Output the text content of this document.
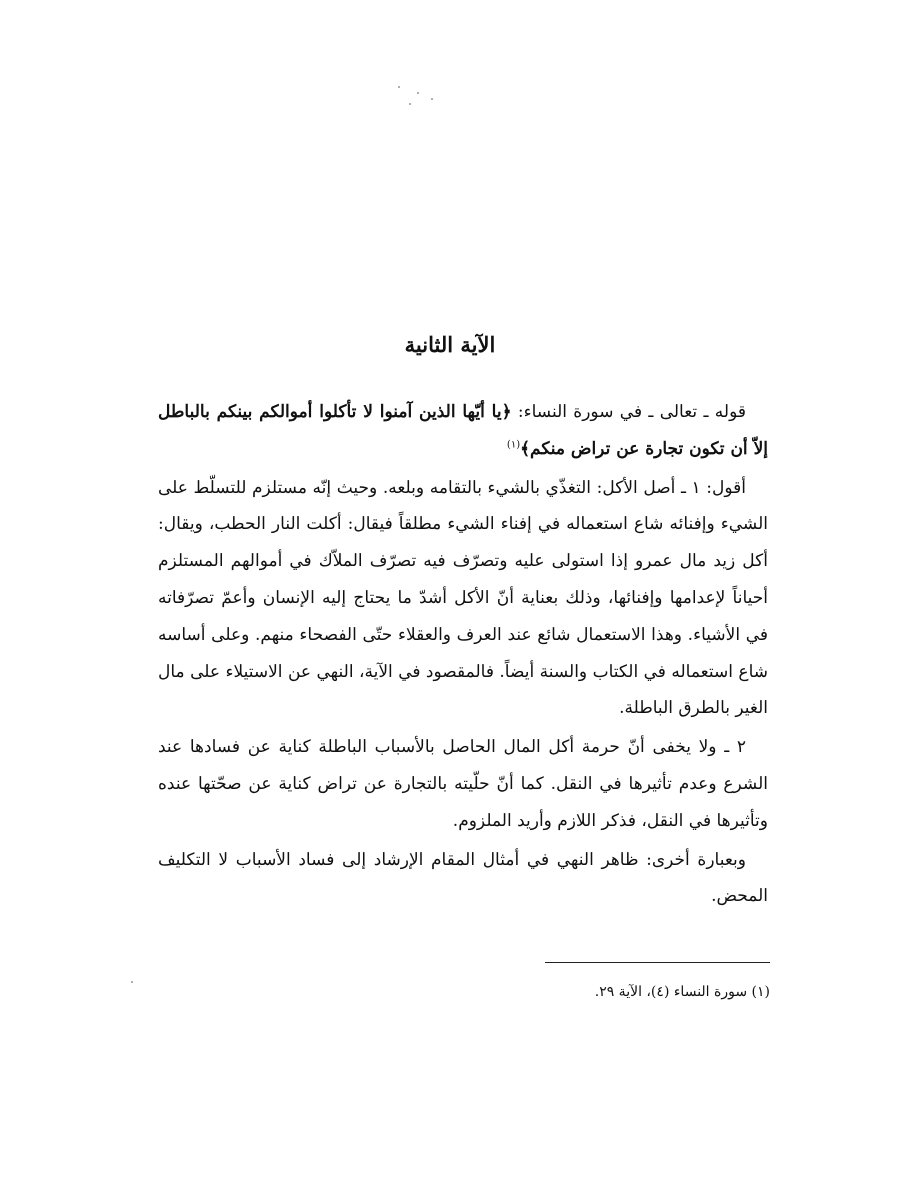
الآية الثانية

قوله ـ تعالى ـ في سورة النساء: ﴿يا أيّها الذين آمنوا لا تأكلوا أموالكم بينكم بالباطل إلاّ أن تكون تجارة عن تراض منكم﴾$^{(١)}$

أقول: ١ ـ أصل الأكل: التغذّي بالشيء بالتقامه وبلعه. وحيث إنّه مستلزم للتسلّط على الشيء وإفنائه شاع استعماله في إفناء الشيء مطلقاً فيقال: أكلت النار الحطب، ويقال: أكل زيد مال عمرو إذا استولى عليه وتصرّف فيه تصرّف الملاّك في أموالهم المستلزم أحياناً لإعدامها وإفنائها، وذلك بعناية أنّ الأكل أشدّ ما يحتاج إليه الإنسان وأعمّ تصرّفاته في الأشياء. وهذا الاستعمال شائع عند العرف والعقلاء حتّى الفصحاء منهم. وعلى أساسه شاع استعماله في الكتاب والسنة أيضاً. فالمقصود في الآية، النهي عن الاستيلاء على مال الغير بالطرق الباطلة.

٢ ـ ولا يخفى أنّ حرمة أكل المال الحاصل بالأسباب الباطلة كناية عن فسادها عند الشرع وعدم تأثيرها في النقل. كما أنّ حلّيته بالتجارة عن تراض كناية عن صحّتها عنده وتأثيرها في النقل، فذكر اللازم وأريد الملزوم.

وبعبارة أخرى: ظاهر النهي في أمثال المقام الإرشاد إلى فساد الأسباب لا التكليف المحض.

(١) سورة النساء (٤)، الآية ٢٩.
